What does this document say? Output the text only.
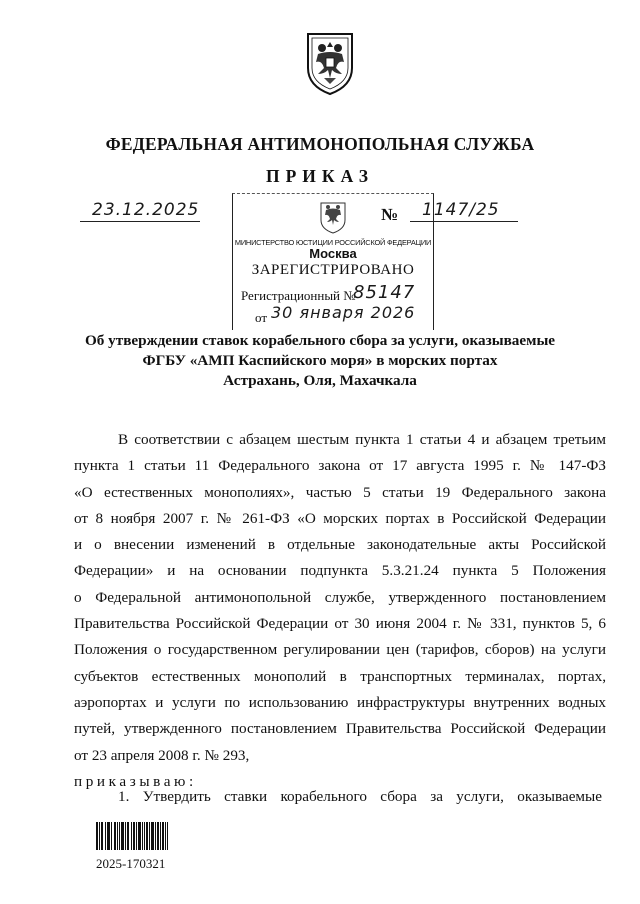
ФЕДЕРАЛЬНАЯ АНТИМОНОПОЛЬНАЯ СЛУЖБА
ПРИКАЗ
23.12.2025	№ 1147/25
МИНИСТЕРСТВО ЮСТИЦИИ РОССИЙСКОЙ ФЕДЕРАЦИИ
Москва
ЗАРЕГИСТРИРОВАНО
Регистрационный №
85147
от 30 января 2026
Об утверждении ставок корабельного сбора за услуги, оказываемые
ФГБУ «АМП Каспийского моря» в морских портах
Астрахань, Оля, Махачкала
В соответствии с абзацем шестым пункта 1 статьи 4 и абзацем третьим
пункта 1 статьи 11 Федерального закона от 17 августа 1995 г. № 147-ФЗ
«О естественных монополиях», частью 5 статьи 19 Федерального закона
от 8 ноября 2007 г. № 261-ФЗ «О морских портах в Российской Федерации
и о внесении изменений в отдельные законодательные акты Российской
Федерации» и на основании подпункта 5.3.21.24 пункта 5 Положения
о Федеральной антимонопольной службе, утвержденного постановлением
Правительства Российской Федерации от 30 июня 2004 г. № 331, пунктов 5, 6
Положения о государственном регулировании цен (тарифов, сборов) на услуги
субъектов естественных монополий в транспортных терминалах, портах,
аэропортах и услуги по использованию инфраструктуры внутренних водных
путей, утвержденного постановлением Правительства Российской Федерации
от 23 апреля 2008 г. № 293,
приказываю:
1. Утвердить ставки корабельного сбора за услуги, оказываемые
2025-170321
